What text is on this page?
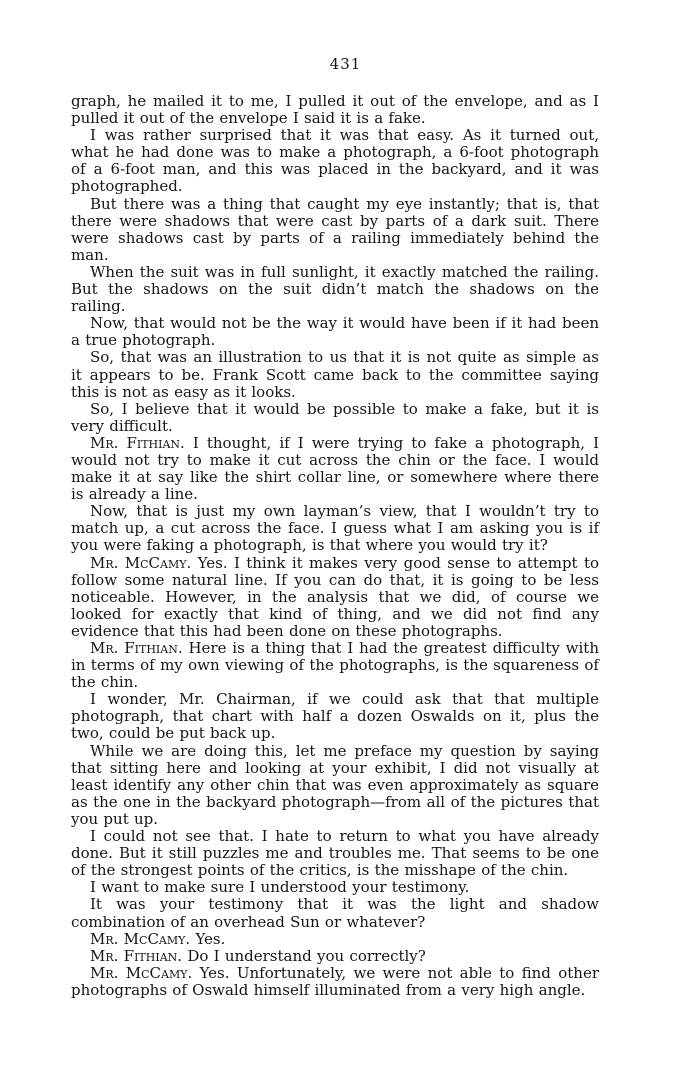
431

graph, he mailed it to me, I pulled it out of the envelope, and as I pulled it out of the envelope I said it is a fake.

I was rather surprised that it was that easy. As it turned out, what he had done was to make a photograph, a 6-foot photograph of a 6-foot man, and this was placed in the backyard, and it was photographed.

But there was a thing that caught my eye instantly; that is, that there were shadows that were cast by parts of a dark suit. There were shadows cast by parts of a railing immediately behind the man.

When the suit was in full sunlight, it exactly matched the railing. But the shadows on the suit didn’t match the shadows on the railing.

Now, that would not be the way it would have been if it had been a true photograph.

So, that was an illustration to us that it is not quite as simple as it appears to be. Frank Scott came back to the committee saying this is not as easy as it looks.

So, I believe that it would be possible to make a fake, but it is very difficult.

Mr. Fithian. I thought, if I were trying to fake a photograph, I would not try to make it cut across the chin or the face. I would make it at say like the shirt collar line, or somewhere where there is already a line.

Now, that is just my own layman’s view, that I wouldn’t try to match up, a cut across the face. I guess what I am asking you is if you were faking a photograph, is that where you would try it?

Mr. McCamy. Yes. I think it makes very good sense to attempt to follow some natural line. If you can do that, it is going to be less noticeable. However, in the analysis that we did, of course we looked for exactly that kind of thing, and we did not find any evidence that this had been done on these photographs.

Mr. Fithian. Here is a thing that I had the greatest difficulty with in terms of my own viewing of the photographs, is the squareness of the chin.

I wonder, Mr. Chairman, if we could ask that that multiple photograph, that chart with half a dozen Oswalds on it, plus the two, could be put back up.

While we are doing this, let me preface my question by saying that sitting here and looking at your exhibit, I did not visually at least identify any other chin that was even approximately as square as the one in the backyard photograph—from all of the pictures that you put up.

I could not see that. I hate to return to what you have already done. But it still puzzles me and troubles me. That seems to be one of the strongest points of the critics, is the misshape of the chin.

I want to make sure I understood your testimony.

It was your testimony that it was the light and shadow combination of an overhead Sun or whatever?

Mr. McCamy. Yes.

Mr. Fithian. Do I understand you correctly?

Mr. McCamy. Yes. Unfortunately, we were not able to find other photographs of Oswald himself illuminated from a very high angle.
